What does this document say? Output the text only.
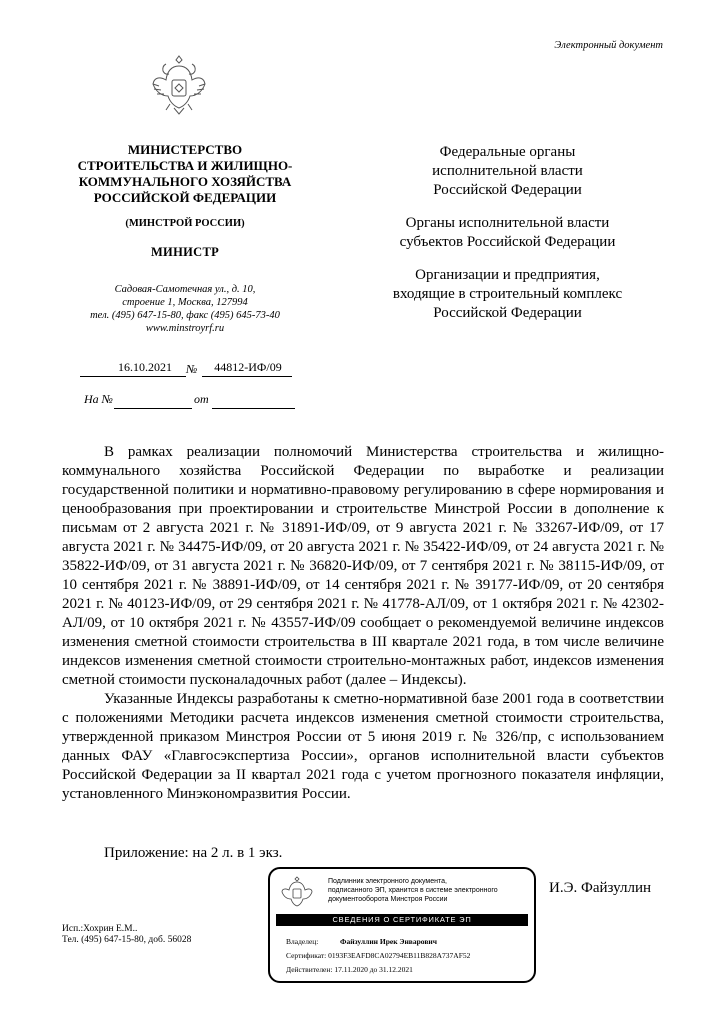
Электронный документ
МИНИСТЕРСТВО
СТРОИТЕЛЬСТВА И ЖИЛИЩНО-
КОММУНАЛЬНОГО ХОЗЯЙСТВА
РОССИЙСКОЙ ФЕДЕРАЦИИ
(МИНСТРОЙ РОССИИ)
МИНИСТР
Садовая-Самотечная ул., д. 10,
строение 1, Москва, 127994
тел. (495) 647-15-80, факс (495) 645-73-40
www.minstroyrf.ru
16.10.2021	№	44812-ИФ/09
На №	от
Федеральные органы
исполнительной власти
Российской Федерации
Органы исполнительной власти
субъектов Российской Федерации
Организации и предприятия,
входящие в строительный комплекс
Российской Федерации

В рамках реализации полномочий Министерства строительства и жилищно-коммунального хозяйства Российской Федерации по выработке и реализации государственной политики и нормативно-правовому регулированию в сфере нормирования и ценообразования при проектировании и строительстве Минстрой России в дополнение к письмам от 2 августа 2021 г. № 31891-ИФ/09, от 9 августа 2021 г. № 33267-ИФ/09, от 17 августа 2021 г. № 34475-ИФ/09, от 20 августа 2021 г. № 35422-ИФ/09, от 24 августа 2021 г. № 35822-ИФ/09, от 31 августа 2021 г. № 36820-ИФ/09, от 7 сентября 2021 г. № 38115-ИФ/09, от 10 сентября 2021 г. № 38891-ИФ/09, от 14 сентября 2021 г. № 39177-ИФ/09, от 20 сентября 2021 г. № 40123-ИФ/09, от 29 сентября 2021 г. № 41778-АЛ/09, от 1 октября 2021 г. № 42302-АЛ/09, от 10 октября 2021 г. № 43557-ИФ/09 сообщает о рекомендуемой величине индексов изменения сметной стоимости строительства в III квартале 2021 года, в том числе величине индексов изменения сметной стоимости строительно-монтажных работ, индексов изменения сметной стоимости пусконаладочных работ (далее – Индексы).

Указанные Индексы разработаны к сметно-нормативной базе 2001 года в соответствии с положениями Методики расчета индексов изменения сметной стоимости строительства, утвержденной приказом Минстроя России от 5 июня 2019 г. № 326/пр, с использованием данных ФАУ «Главгосэкспертиза России», органов исполнительной власти субъектов Российской Федерации за II квартал 2021 года с учетом прогнозного показателя инфляции, установленного Минэкономразвития России.

Приложение: на 2 л. в 1 экз.
Подлинник электронного документа,
подписанного ЭП, хранится в системе электронного
документооборота Минстроя России
СВЕДЕНИЯ О СЕРТИФИКАТЕ ЭП
Владелец:	Файзуллин Ирек Энварович
Сертификат: 0193F3EAFD8CA02794EB11B828A737AF52
Действителен: 17.11.2020 до 31.12.2021
И.Э. Файзуллин
Исп.:Хохрин Е.М..
Тел. (495) 647-15-80, доб. 56028
